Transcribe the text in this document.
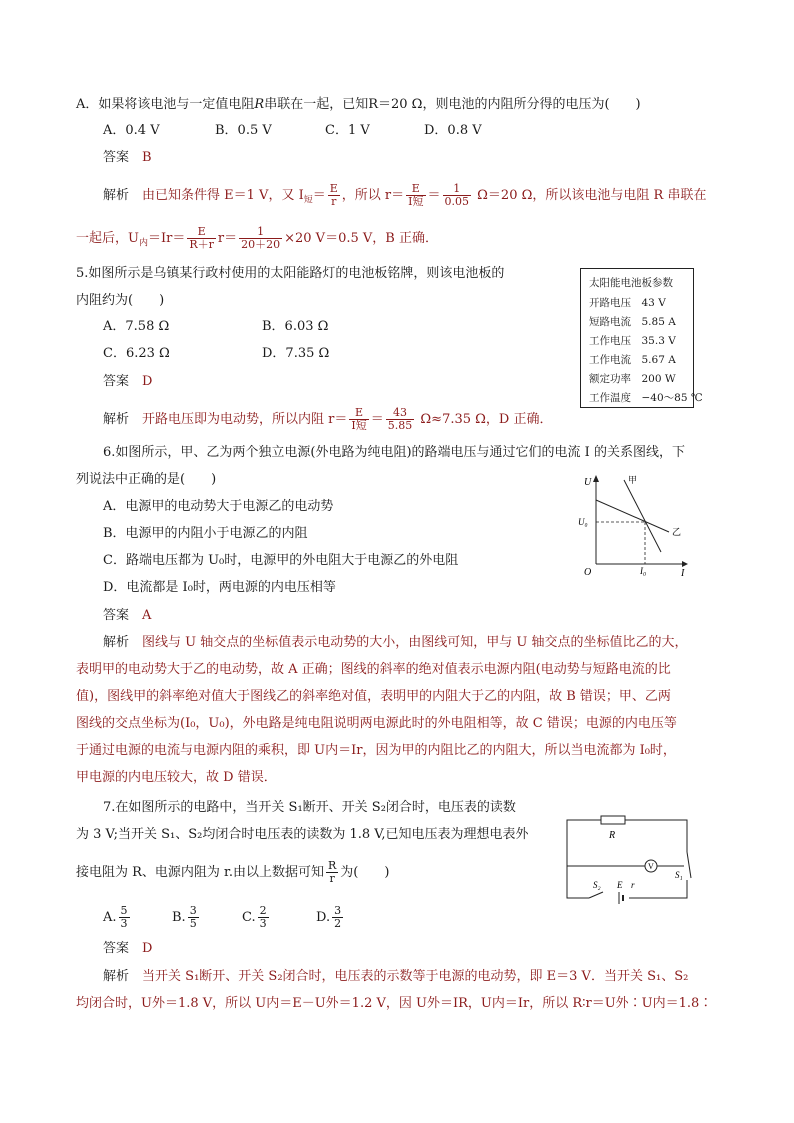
A．如果将该电池与一定值电阻R串联在一起，已知R＝20 Ω，则电池的内阻所分得的电压为(　　)
A．0.4 V	B．0.5 V	C．1 V	D．0.8 V
答案　 B
解析　 由已知条件得 E＝1 V，又 $I_短= \frac{E}{r}$ ，所以 $r= \frac{E}{\text{I短}} = \frac{1}{0.05} \Omega=20$ Ω，所以该电池与电阻 R 串联在
一起后，$U_内=Ir= \frac{E}{R+r} r= \frac{1}{20+20} \times 20$ V＝0.5 V，B 正确．
5.如图所示是乌镇某行政村使用的太阳能路灯的电池板铭牌，则该电池板的
内阻约为(　　)
A．7.58 Ω	B．6.03 Ω
C．6.23 Ω	D．7.35 Ω
答案　 D
解析　 开路电压即为电动势，所以内阻 $r= \frac{E}{\text{I短}} = \frac{43}{5.85} \Omega\approx 7.35$ Ω，D 正确．
太阳能电池板参数
开路电压　 43 V
短路电流　 5.85 A
工作电压　 35.3 V
工作电流　 5.67 A
额定功率　 200 W
工作温度　 −40～85 ℃
6.如图所示，甲、乙为两个独立电源(外电路为纯电阻)的路端电压与通过它们的电流 I 的关系图线，下
列说法中正确的是(　　)
A．电源甲的电动势大于电源乙的电动势
B．电源甲的内阻小于电源乙的内阻
C．路端电压都为 U₀时，电源甲的外电阻大于电源乙的外电阻
D．电流都是 I₀时，两电源的内电压相等
答案　 A
解析　 图线与 U 轴交点的坐标值表示电动势的大小，由图线可知，甲与 U 轴交点的坐标值比乙的大，
表明甲的电动势大于乙的电动势，故 A 正确；图线的斜率的绝对值表示电源内阻(电动势与短路电流的比
值)，图线甲的斜率绝对值大于图线乙的斜率绝对值，表明甲的内阻大于乙的内阻，故 B 错误；甲、乙两
图线的交点坐标为(I₀，U₀)，外电路是纯电阻说明两电源此时的外电阻相等，故 C 错误；电源的内电压等
于通过电源的电流与电源内阻的乘积，即 U内＝Ir，因为甲的内阻比乙的内阻大，所以当电流都为 I₀时，
甲电源的内电压较大，故 D 错误．
U
I
O
甲
乙
U₀
I₀
7.在如图所示的电路中，当开关 S₁断开、开关 S₂闭合时，电压表的读数
为 3 V;当开关 S₁、S₂均闭合时电压表的读数为 1.8 V,已知电压表为理想电表外
接电阻为 R、电源内阻为 r.由以上数据可知 $\frac{R}{r}$ 为(　　)
A. $\frac{5}{3}$	B. $\frac{3}{5}$	C. $\frac{2}{3}$	D. $\frac{3}{2}$
答案　 D
解析　 当开关 S₁断开、开关 S₂闭合时，电压表的示数等于电源的电动势，即 E＝3 V．当开关 S₁、S₂
均闭合时，U外＝1.8 V，所以 U内＝E－U外＝1.2 V，因 U外＝IR，U内＝Ir，所以 R∶r＝U外∶U内＝1.8∶
R
V
S₁
S₂ E r
